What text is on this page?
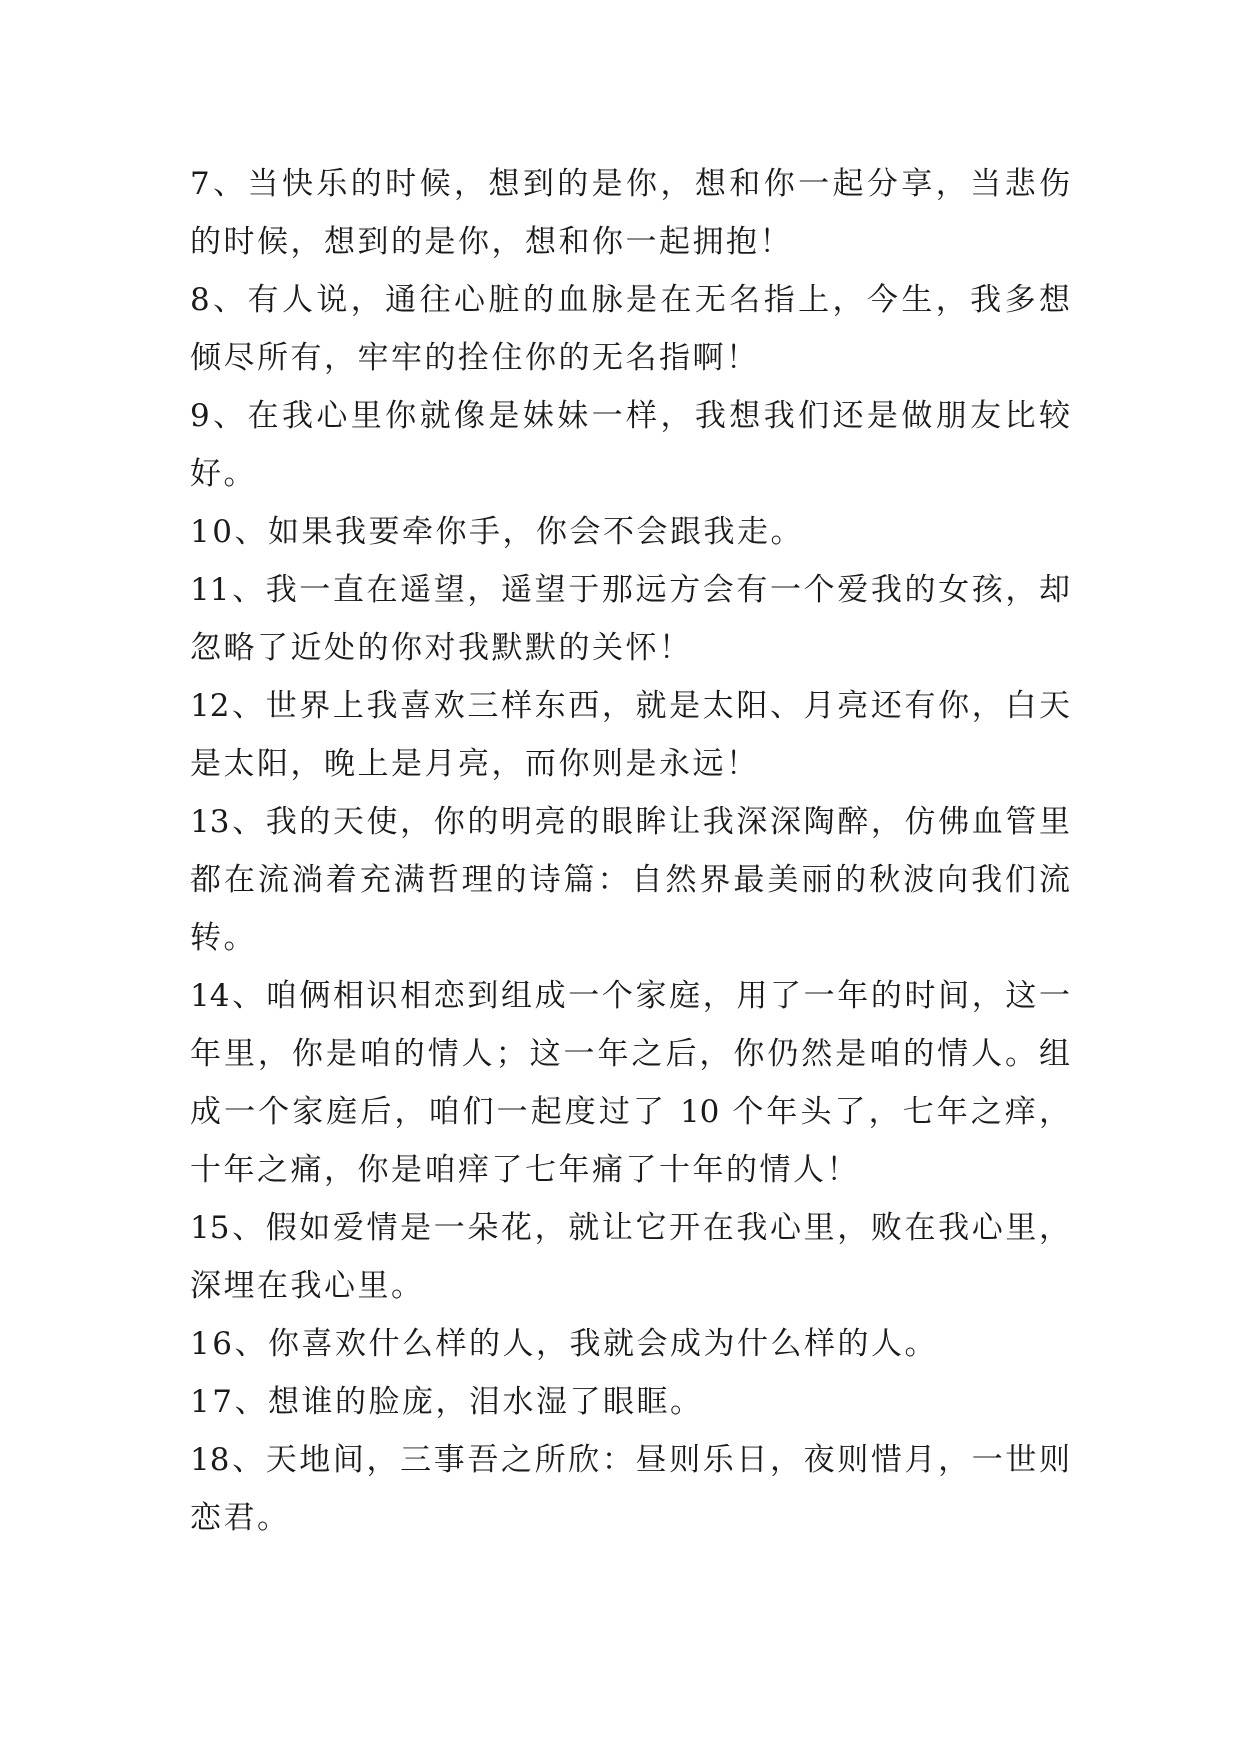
7、当快乐的时候，想到的是你，想和你一起分享，当悲伤
的时候，想到的是你，想和你一起拥抱！
8、有人说，通往心脏的血脉是在无名指上，今生，我多想
倾尽所有，牢牢的拴住你的无名指啊！
9、在我心里你就像是妹妹一样，我想我们还是做朋友比较
好。
10、如果我要牵你手，你会不会跟我走。
11、我一直在遥望，遥望于那远方会有一个爱我的女孩，却
忽略了近处的你对我默默的关怀！
12、世界上我喜欢三样东西，就是太阳、月亮还有你，白天
是太阳，晚上是月亮，而你则是永远！
13、我的天使，你的明亮的眼眸让我深深陶醉，仿佛血管里
都在流淌着充满哲理的诗篇：自然界最美丽的秋波向我们流
转。
14、咱俩相识相恋到组成一个家庭，用了一年的时间，这一
年里，你是咱的情人；这一年之后，你仍然是咱的情人。组
成一个家庭后，咱们一起度过了 10 个年头了，七年之痒，
十年之痛，你是咱痒了七年痛了十年的情人！
15、假如爱情是一朵花，就让它开在我心里，败在我心里，
深埋在我心里。
16、你喜欢什么样的人，我就会成为什么样的人。
17、想谁的脸庞，泪水湿了眼眶。
18、天地间，三事吾之所欣：昼则乐日，夜则惜月，一世则
恋君。
